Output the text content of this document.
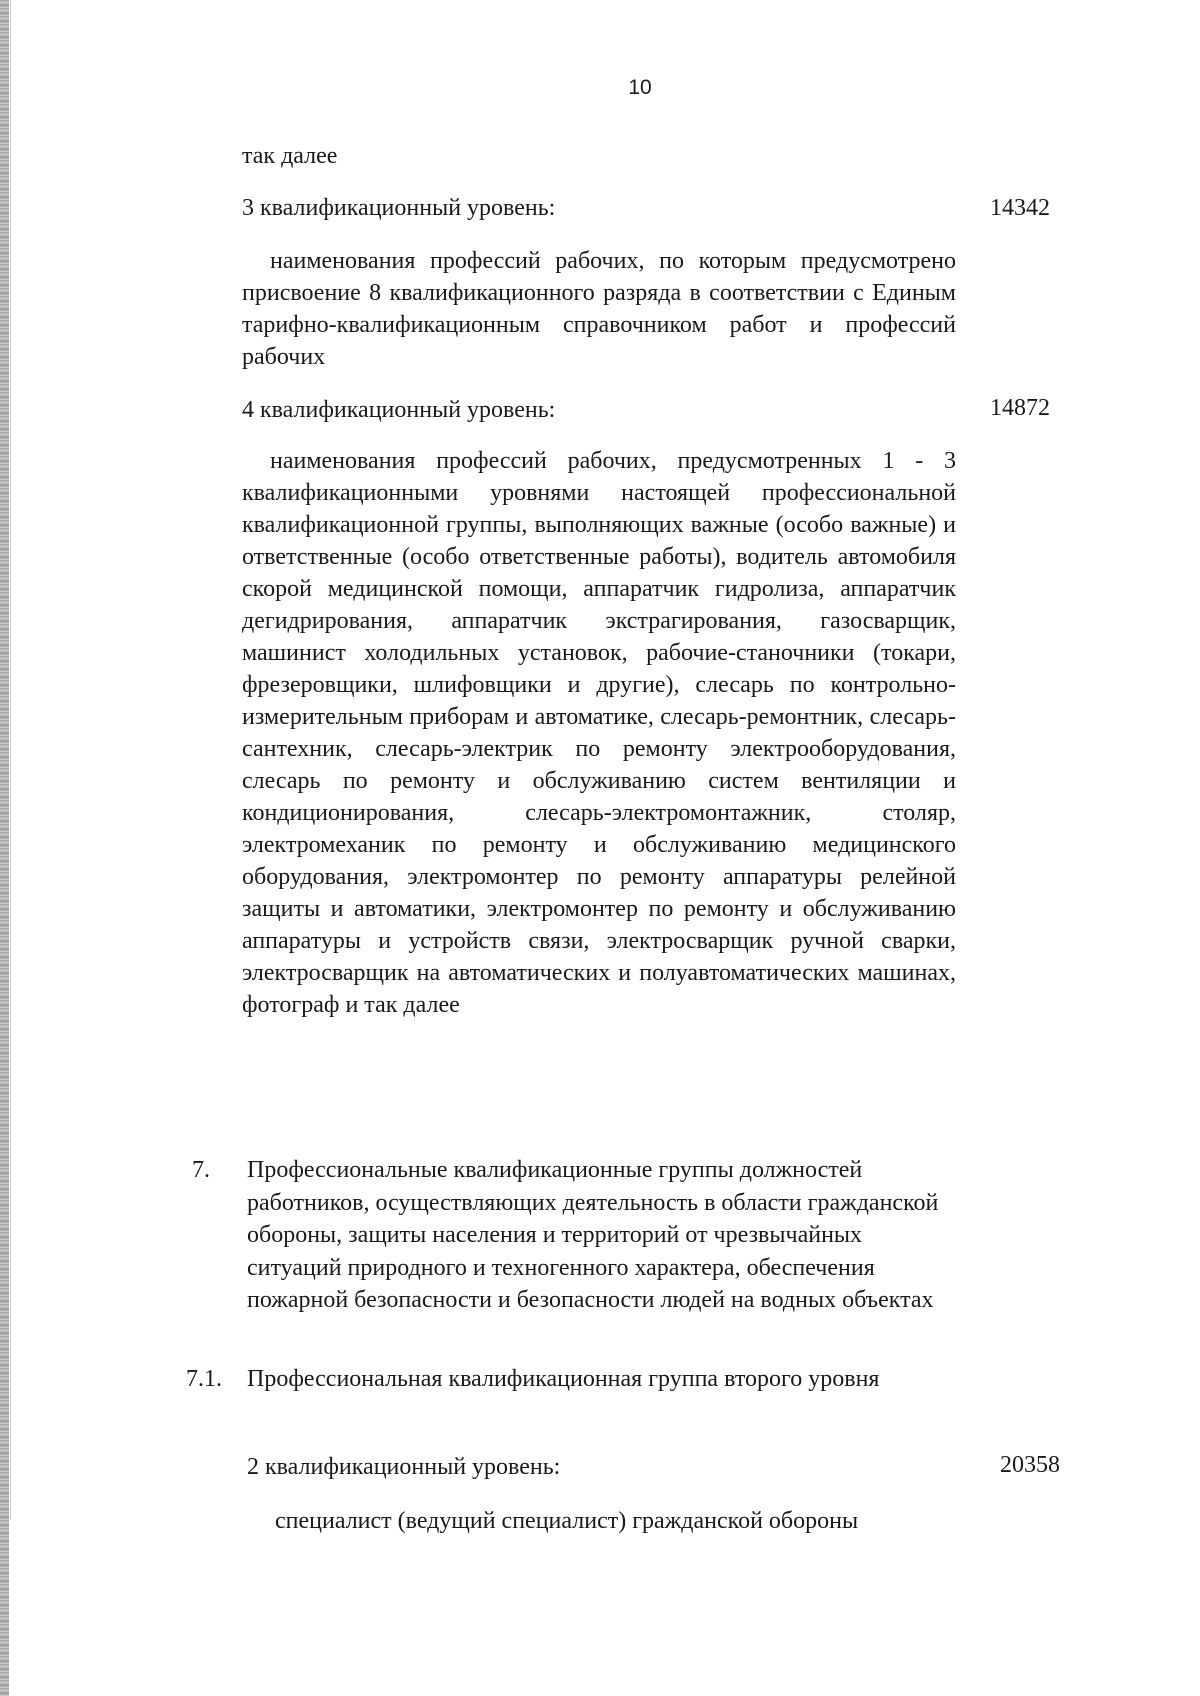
10
так далее
3 квалификационный уровень:	14342
наименования профессий рабочих, по которым предусмотрено присвоение 8 квалификационного разряда в соответствии с Единым тарифно-квалификационным справочником работ и профессий рабочих
4 квалификационный уровень:	14872
наименования профессий рабочих, предусмотренных 1 - 3 квалификационными уровнями настоящей профессиональной квалификационной группы, выполняющих важные (особо важные) и ответственные (особо ответственные работы), водитель автомобиля скорой медицинской помощи, аппаратчик гидролиза, аппаратчик дегидрирования, аппаратчик экстрагирования, газосварщик, машинист холодильных установок, рабочие-станочники (токари, фрезеровщики, шлифовщики и другие), слесарь по контрольно-измерительным приборам и автоматике, слесарь-ремонтник, слесарь-сантехник, слесарь-электрик по ремонту электрооборудования, слесарь по ремонту и обслуживанию систем вентиляции и кондиционирования, слесарь-электромонтажник, столяр, электромеханик по ремонту и обслуживанию медицинского оборудования, электромонтер по ремонту аппаратуры релейной защиты и автоматики, электромонтер по ремонту и обслуживанию аппаратуры и устройств связи, электросварщик ручной сварки, электросварщик на автоматических и полуавтоматических машинах, фотограф и так далее
7. Профессиональные квалификационные группы должностей работников, осуществляющих деятельность в области гражданской обороны, защиты населения и территорий от чрезвычайных ситуаций природного и техногенного характера, обеспечения пожарной безопасности и безопасности людей на водных объектах
7.1. Профессиональная квалификационная группа второго уровня
2 квалификационный уровень:	20358
специалист (ведущий специалист) гражданской обороны
